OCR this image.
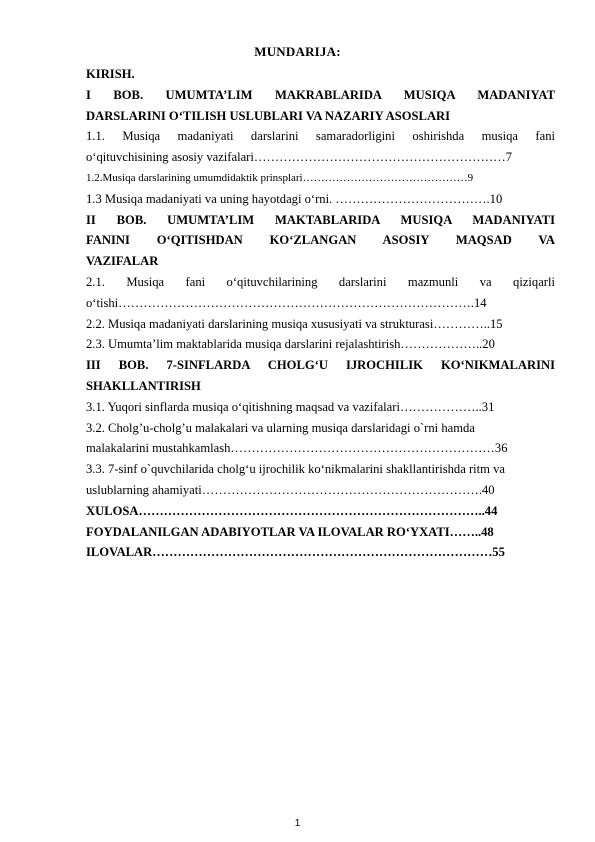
MUNDARIJA:
KIRISH.
I BOB. UMUMTA’LIM MAKRABLARIDA MUSIQA MADANIYAT
DARSLARINI O‘TILISH USLUBLARI VA NAZARIY ASOSLARI
1.1. Musiqa madaniyati darslarini samaradorligini oshirishda musiqa fani
o‘qituvchisining asosiy vazifalari……………………………………………………7
1.2.Musiqa darslarining umumdidaktik prinsplari………………………………………9
1.3 Musiqa madaniyati va uning hayotdagi o‘rni. ……………………………….10
II BOB. UMUMTA’LIM MAKTABLARIDA MUSIQA MADANIYATI
FANINI O‘QITISHDAN KO‘ZLANGAN ASOSIY MAQSAD VA
VAZIFALAR
2.1. Musiqa fani o‘qituvchilarining darslarini mazmunli va qiziqarli
o‘tishi………………………………………………………………………….14
2.2. Musiqa madaniyati darslarining musiqa xususiyati va strukturasi…………..15
2.3. Umumta’lim maktablarida musiqa darslarini rejalashtirish………………..20
III BOB. 7-SINFLARDA CHOLG‘U IJROCHILIK KO‘NIKMALARINI
SHAKLLANTIRISH
3.1. Yuqori sinflarda musiqa o‘qitishning maqsad va vazifalari………………..31
3.2. Cholg’u-cholg’u malakalari va ularning musiqa darslaridagi o`rni hamda
malakalarini mustahkamlash………………………………………………………36
3.3. 7-sinf o`quvchilarida cholg‘u ijrochilik ko‘nikmalarini shakllantirishda ritm va
uslublarning ahamiyati………………………………………………………….40
XULOSA………………………………………………………………………..44
FOYDALANILGAN ADABIYOTLAR VA ILOVALAR RO‘YXATI……..48
ILOVALAR………………………………………………………………………55
1
